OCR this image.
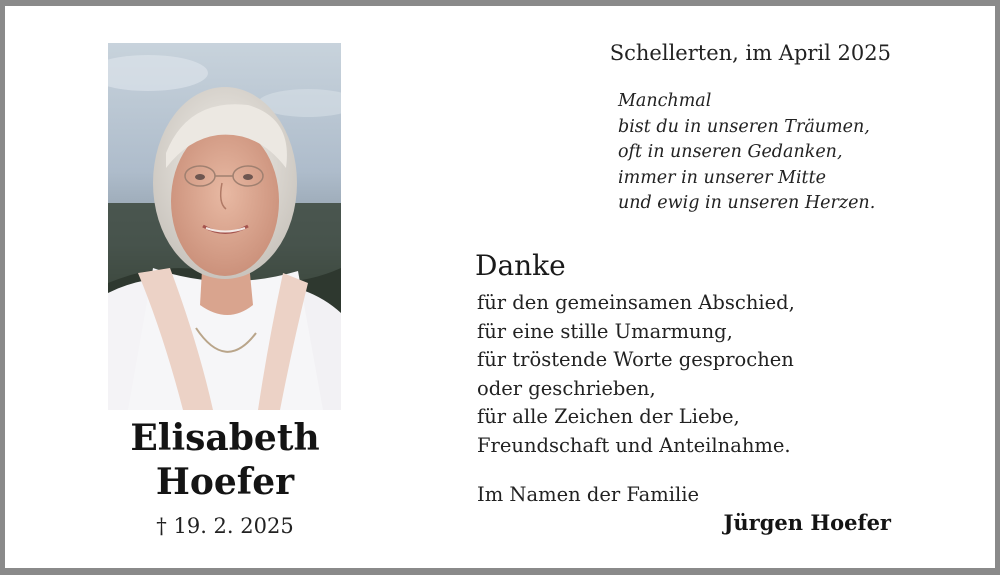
Elisabeth
Hoefer
† 19. 2. 2025
Schellerten, im April 2025
Manchmal
bist du in unseren Träumen,
oft in unseren Gedanken,
immer in unserer Mitte
und ewig in unseren Herzen.
Danke
für den gemeinsamen Abschied,
für eine stille Umarmung,
für tröstende Worte gesprochen
oder geschrieben,
für alle Zeichen der Liebe,
Freundschaft und Anteilnahme.
Im Namen der Familie
Jürgen Hoefer
